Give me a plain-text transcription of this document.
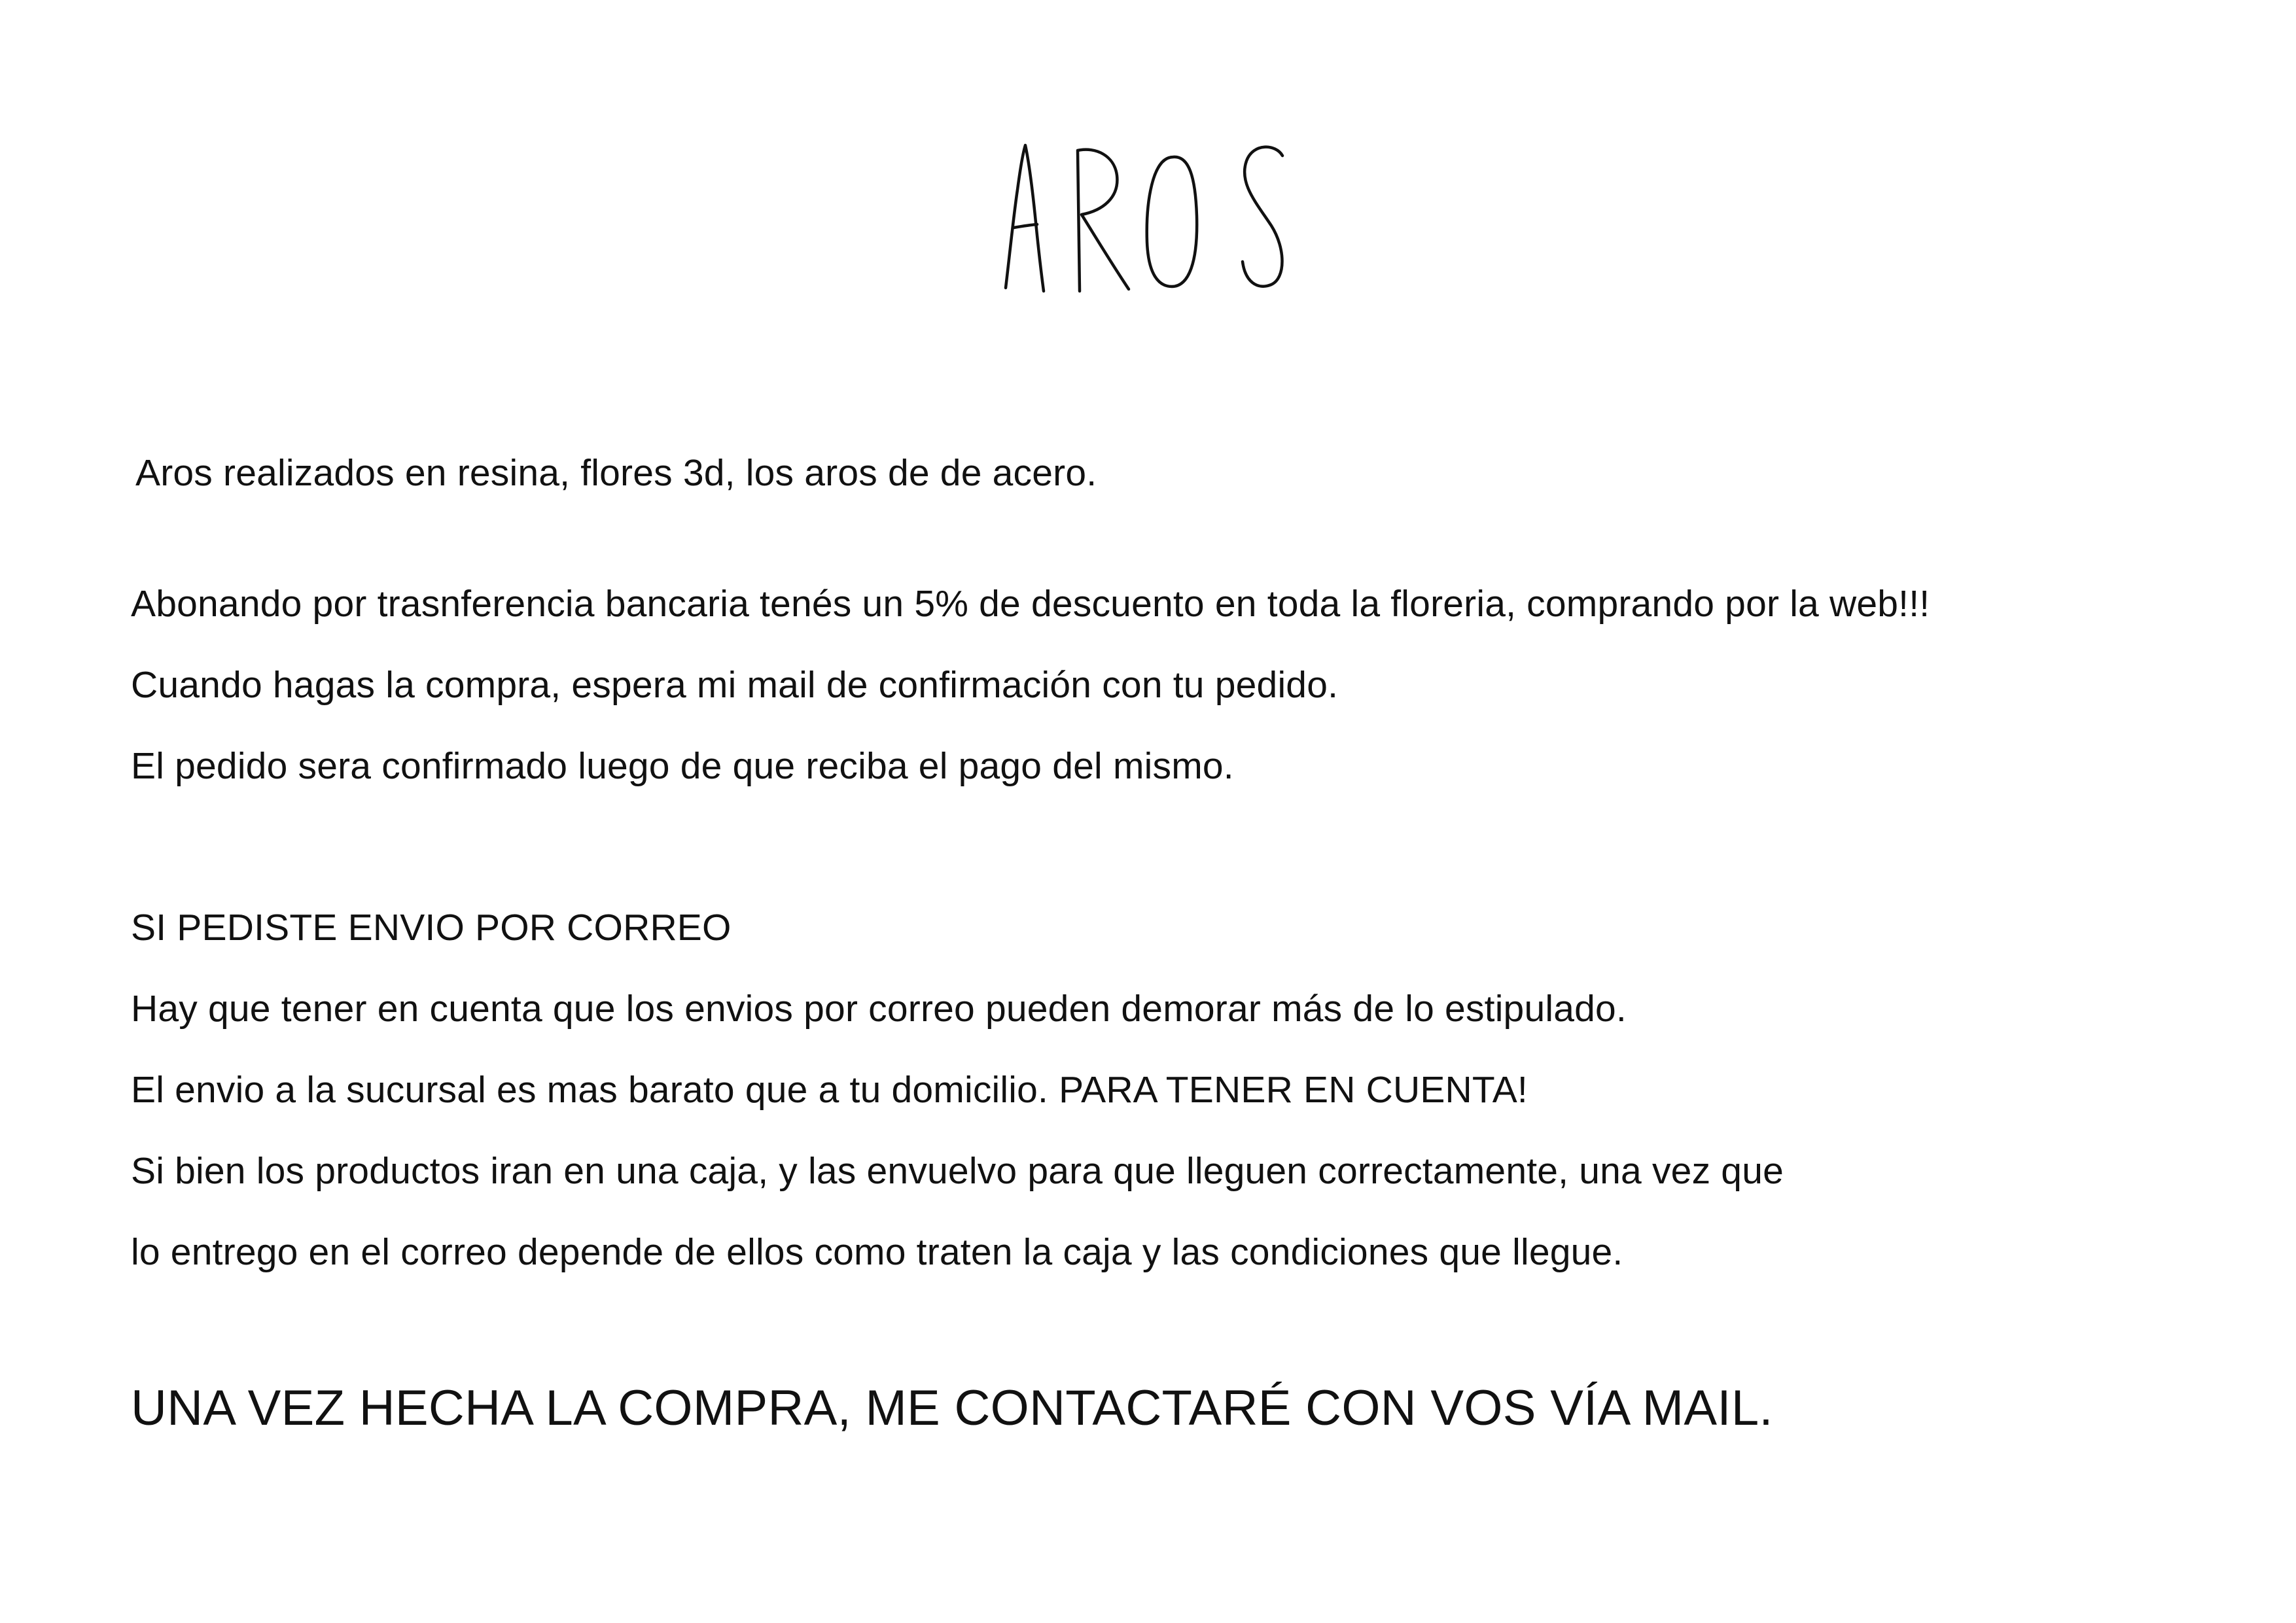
Aros realizados en resina, flores 3d, los aros de de acero.

Abonando por trasnferencia bancaria tenés un 5% de descuento en toda la floreria, comprando por la web!!!

Cuando hagas la compra, espera mi mail de confirmación con tu pedido.

El pedido sera confirmado luego de que reciba el pago del mismo.

SI PEDISTE ENVIO POR CORREO

Hay que tener en cuenta que los envios por correo pueden demorar más de lo estipulado.

El envio a la sucursal es mas barato que a tu domicilio. PARA TENER EN CUENTA!

Si bien los productos iran en una caja, y las envuelvo para que lleguen correctamente, una vez que

lo entrego en el correo depende de ellos como traten la caja y las condiciones que llegue.

UNA VEZ HECHA LA COMPRA, ME CONTACTARÉ CON VOS VÍA MAIL.
